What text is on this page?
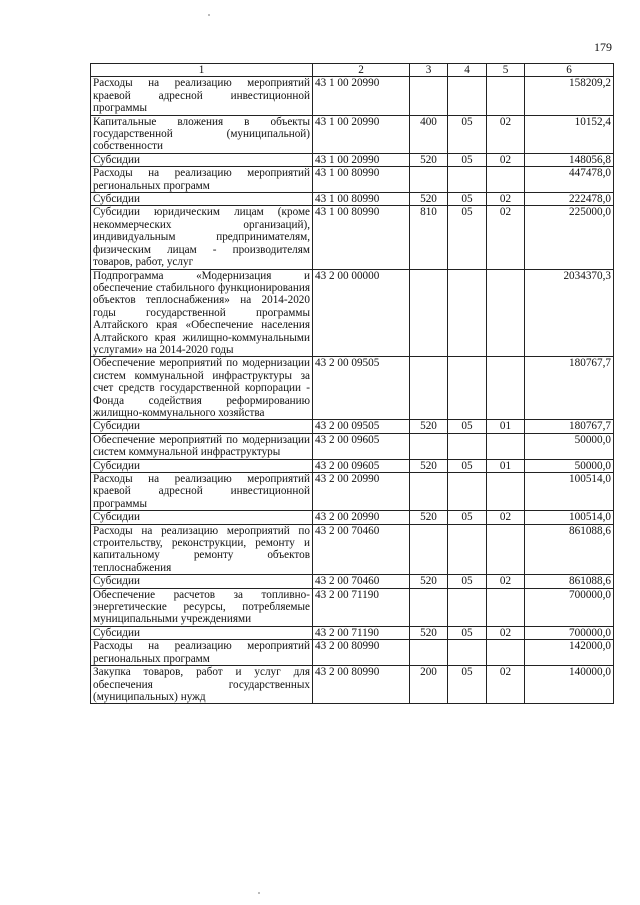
179
1	2	3	4	5	6
Расходы на реализацию мероприятий краевой адресной инвестиционной программы	43 1 00 20990				158209,2
Капитальные вложения в объекты государственной (муниципальной) собственности	43 1 00 20990	400	05	02	10152,4
Субсидии	43 1 00 20990	520	05	02	148056,8
Расходы на реализацию мероприятий региональных программ	43 1 00 80990				447478,0
Субсидии	43 1 00 80990	520	05	02	222478,0
Субсидии юридическим лицам (кроме некоммерческих организаций), индивидуальным предпринимателям, физическим лицам - производителям товаров, работ, услуг	43 1 00 80990	810	05	02	225000,0
Подпрограмма «Модернизация и обеспечение стабильного функционирования объектов теплоснабжения» на 2014-2020 годы государственной программы Алтайского края «Обеспечение населения Алтайского края жилищно-коммунальными услугами» на 2014-2020 годы	43 2 00 00000				2034370,3
Обеспечение мероприятий по модернизации систем коммунальной инфраструктуры за счет средств государственной корпорации - Фонда содействия реформированию жилищно-коммунального хозяйства	43 2 00 09505				180767,7
Субсидии	43 2 00 09505	520	05	01	180767,7
Обеспечение мероприятий по модернизации систем коммунальной инфраструктуры	43 2 00 09605				50000,0
Субсидии	43 2 00 09605	520	05	01	50000,0
Расходы на реализацию мероприятий краевой адресной инвестиционной программы	43 2 00 20990				100514,0
Субсидии	43 2 00 20990	520	05	02	100514,0
Расходы на реализацию мероприятий по строительству, реконструкции, ремонту и капитальному ремонту объектов теплоснабжения	43 2 00 70460				861088,6
Субсидии	43 2 00 70460	520	05	02	861088,6
Обеспечение расчетов за топливно-энергетические ресурсы, потребляемые муниципальными учреждениями	43 2 00 71190				700000,0
Субсидии	43 2 00 71190	520	05	02	700000,0
Расходы на реализацию мероприятий региональных программ	43 2 00 80990				142000,0
Закупка товаров, работ и услуг для обеспечения государственных (муниципальных) нужд	43 2 00 80990	200	05	02	140000,0
